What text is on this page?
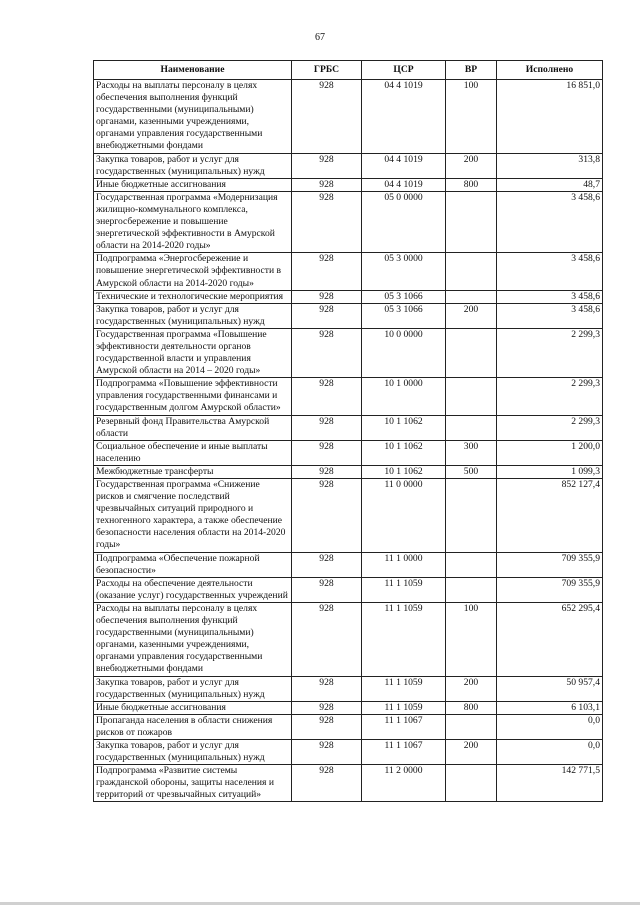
67
Наименование	ГРБС	ЦСР	ВР	Исполнено
Расходы на выплаты персоналу в целях обеспечения выполнения функций государственными (муниципальными) органами, казенными учреждениями, органами управления государственными внебюджетными фондами	928	04 4 1019	100	16 851,0
Закупка товаров, работ и услуг для государственных (муниципальных) нужд	928	04 4 1019	200	313,8
Иные бюджетные ассигнования	928	04 4 1019	800	48,7
Государственная программа «Модернизация жилищно-коммунального комплекса, энергосбережение и повышение энергетической эффективности в Амурской области на 2014-2020 годы»	928	05 0 0000		3 458,6
Подпрограмма «Энергосбережение и повышение энергетической эффективности в Амурской области на 2014-2020 годы»	928	05 3 0000		3 458,6
Технические и технологические мероприятия	928	05 3 1066		3 458,6
Закупка товаров, работ и услуг для государственных (муниципальных) нужд	928	05 3 1066	200	3 458,6
Государственная программа «Повышение эффективности деятельности органов государственной власти и управления Амурской области на 2014 – 2020 годы»	928	10 0 0000		2 299,3
Подпрограмма «Повышение эффективности управления государственными финансами и государственным долгом Амурской области»	928	10 1 0000		2 299,3
Резервный фонд Правительства Амурской области	928	10 1 1062		2 299,3
Социальное обеспечение и иные выплаты населению	928	10 1 1062	300	1 200,0
Межбюджетные трансферты	928	10 1 1062	500	1 099,3
Государственная программа «Снижение рисков и смягчение последствий чрезвычайных ситуаций природного и техногенного характера, а также обеспечение безопасности населения области на 2014-2020 годы»	928	11 0 0000		852 127,4
Подпрограмма «Обеспечение пожарной безопасности»	928	11 1 0000		709 355,9
Расходы на обеспечение деятельности (оказание услуг) государственных учреждений	928	11 1 1059		709 355,9
Расходы на выплаты персоналу в целях обеспечения выполнения функций государственными (муниципальными) органами, казенными учреждениями, органами управления государственными внебюджетными фондами	928	11 1 1059	100	652 295,4
Закупка товаров, работ и услуг для государственных (муниципальных) нужд	928	11 1 1059	200	50 957,4
Иные бюджетные ассигнования	928	11 1 1059	800	6 103,1
Пропаганда населения в области снижения рисков от пожаров	928	11 1 1067		0,0
Закупка товаров, работ и услуг для государственных (муниципальных) нужд	928	11 1 1067	200	0,0
Подпрограмма «Развитие системы гражданской обороны, защиты населения и территорий от чрезвычайных ситуаций»	928	11 2 0000		142 771,5
